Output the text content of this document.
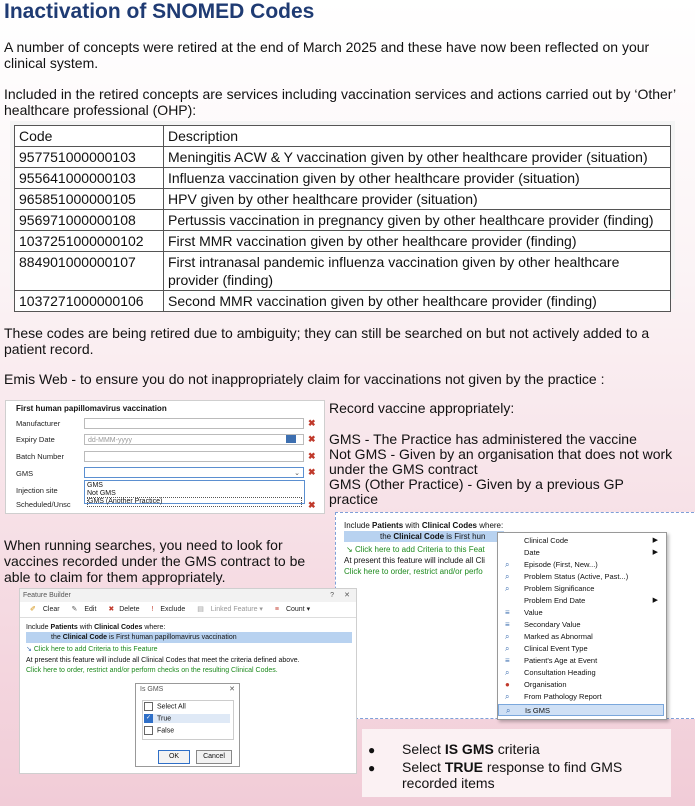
Inactivation of SNOMED Codes
A number of concepts were retired at the end of March 2025 and these have now been reflected on your clinical system.
Included in the retired concepts are services including vaccination services and actions carried out by ‘Other’ healthcare professional (OHP):
Code	Description
957751000000103	Meningitis ACW & Y vaccination given by other healthcare provider (situation)
955641000000103	Influenza vaccination given by other healthcare provider (situation)
965851000000105	HPV given by other healthcare provider (situation)
956971000000108	Pertussis vaccination in pregnancy given by other healthcare provider (finding)
1037251000000102	First MMR vaccination given by other healthcare provider (finding)
884901000000107	First intranasal pandemic influenza vaccination given by other healthcare provider (finding)
1037271000000106	Second MMR vaccination given by other healthcare provider (finding)
These codes are being retired due to ambiguity; they can still be searched on but not actively added to a patient record.
Emis Web - to ensure you do not inappropriately claim for vaccinations not given by the practice :
First human papillomavirus vaccination
Manufacturer	✖
Expiry Date	dd-MMM-yyyy	✖
Batch Number	✖
GMS	⌄ ✖
Injection site
Scheduled/Unsc	✖
GMS
Not GMS
GMS (Another Practice)
Record vaccine appropriately:
GMS - The Practice has administered the vaccine
Not GMS - Given by an organisation that does not work under the GMS contract
GMS (Other Practice) - Given by a previous GP practice
When running searches, you need to look for vaccines recorded under the GMS contract to be able to claim for them appropriately.
Include Patients with Clinical Codes where:
the Clinical Code is First hun
↘ Click here to add Criteria to this Feat
At present this feature will include all Cli
Click here to order, restrict and/or perfo
Clinical Code	▶
Date	▶
⌕ Episode (First, New...)
⌕ Problem Status (Active, Past...)
⌕ Problem Significance
Problem End Date	▶
≡ Value
≡ Secondary Value
⌕ Marked as Abnormal
⌕ Clinical Event Type
≡ Patient's Age at Event
⌕ Consultation Heading
● Organisation
⌕ From Pathology Report
⌕ Is GMS
Feature Builder	? ✕
✐ Clear ✎ Edit ✖ Delete ! Exclude ▤ Linked Feature ▾ ≡ Count ▾
Include Patients with Clinical Codes where:
the Clinical Code is First human papillomavirus vaccination
↘ Click here to add Criteria to this Feature
At present this feature will include all Clinical Codes that meet the criteria defined above.
Click here to order, restrict and/or perform checks on the resulting Clinical Codes.
Is GMS	✕
Select All
✓ True
False
OK	Cancel	● Select IS GMS criteria
● Select TRUE response to find GMS recorded items
